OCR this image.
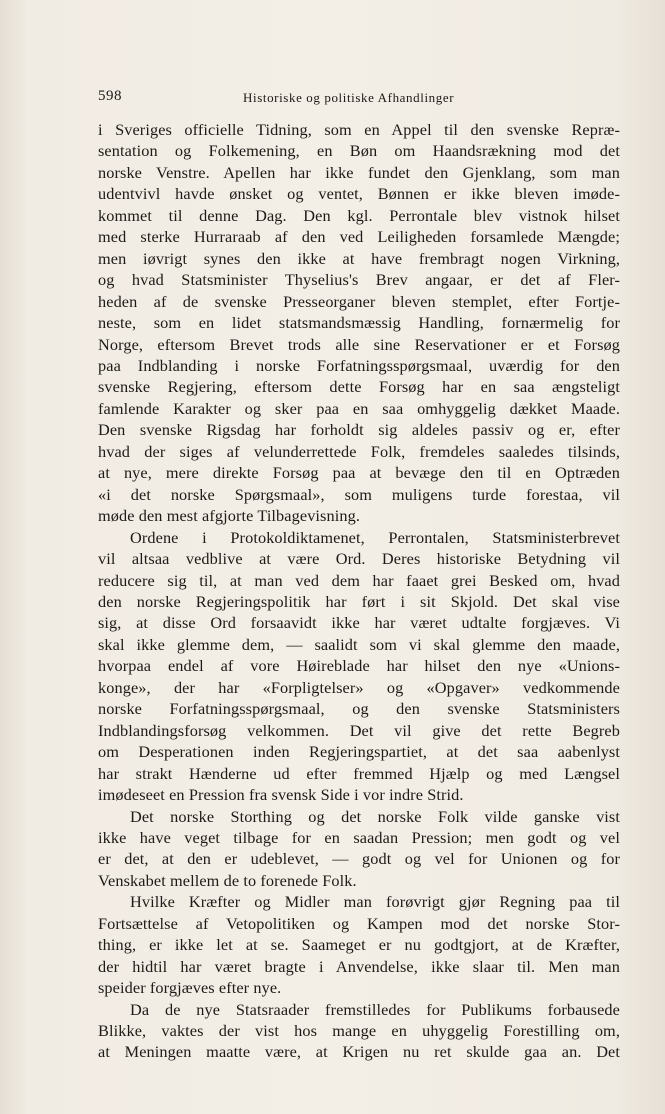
598	Historiske og politiske Afhandlinger

i Sveriges officielle Tidning, som en Appel til den svenske Repræ-

sentation og Folkemening, en Bøn om Haandsrækning mod det

norske Venstre. Apellen har ikke fundet den Gjenklang, som man

udentvivl havde ønsket og ventet, Bønnen er ikke bleven imøde-

kommet til denne Dag. Den kgl. Perrontale blev vistnok hilset

med sterke Hurraraab af den ved Leiligheden forsamlede Mængde;

men iøvrigt synes den ikke at have frembragt nogen Virkning,

og hvad Statsminister Thyselius's Brev angaar, er det af Fler-

heden af de svenske Presseorganer bleven stemplet, efter Fortje-

neste, som en lidet statsmandsmæssig Handling, fornærmelig for

Norge, eftersom Brevet trods alle sine Reservationer er et Forsøg

paa Indblanding i norske Forfatningsspørgsmaal, uværdig for den

svenske Regjering, eftersom dette Forsøg har en saa ængsteligt

famlende Karakter og sker paa en saa omhyggelig dækket Maade.

Den svenske Rigsdag har forholdt sig aldeles passiv og er, efter

hvad der siges af velunderrettede Folk, fremdeles saaledes tilsinds,

at nye, mere direkte Forsøg paa at bevæge den til en Optræden

«i det norske Spørgsmaal», som muligens turde forestaa, vil

møde den mest afgjorte Tilbagevisning.

Ordene i Protokoldiktamenet, Perrontalen, Statsministerbrevet

vil altsaa vedblive at være Ord. Deres historiske Betydning vil

reducere sig til, at man ved dem har faaet grei Besked om, hvad

den norske Regjeringspolitik har ført i sit Skjold. Det skal vise

sig, at disse Ord forsaavidt ikke har været udtalte forgjæves. Vi

skal ikke glemme dem, — saalidt som vi skal glemme den maade,

hvorpaa endel af vore Høireblade har hilset den nye «Unions-

konge», der har «Forpligtelser» og «Opgaver» vedkommende

norske Forfatningsspørgsmaal, og den svenske Statsministers

Indblandingsforsøg velkommen. Det vil give det rette Begreb

om Desperationen inden Regjeringspartiet, at det saa aabenlyst

har strakt Hænderne ud efter fremmed Hjælp og med Længsel

imødeseet en Pression fra svensk Side i vor indre Strid.

Det norske Storthing og det norske Folk vilde ganske vist

ikke have veget tilbage for en saadan Pression; men godt og vel

er det, at den er udeblevet, — godt og vel for Unionen og for

Venskabet mellem de to forenede Folk.

Hvilke Kræfter og Midler man forøvrigt gjør Regning paa til

Fortsættelse af Vetopolitiken og Kampen mod det norske Stor-

thing, er ikke let at se. Saameget er nu godtgjort, at de Kræfter,

der hidtil har været bragte i Anvendelse, ikke slaar til. Men man

speider forgjæves efter nye.

Da de nye Statsraader fremstilledes for Publikums forbausede

Blikke, vaktes der vist hos mange en uhyggelig Forestilling om,

at Meningen maatte være, at Krigen nu ret skulde gaa an. Det
